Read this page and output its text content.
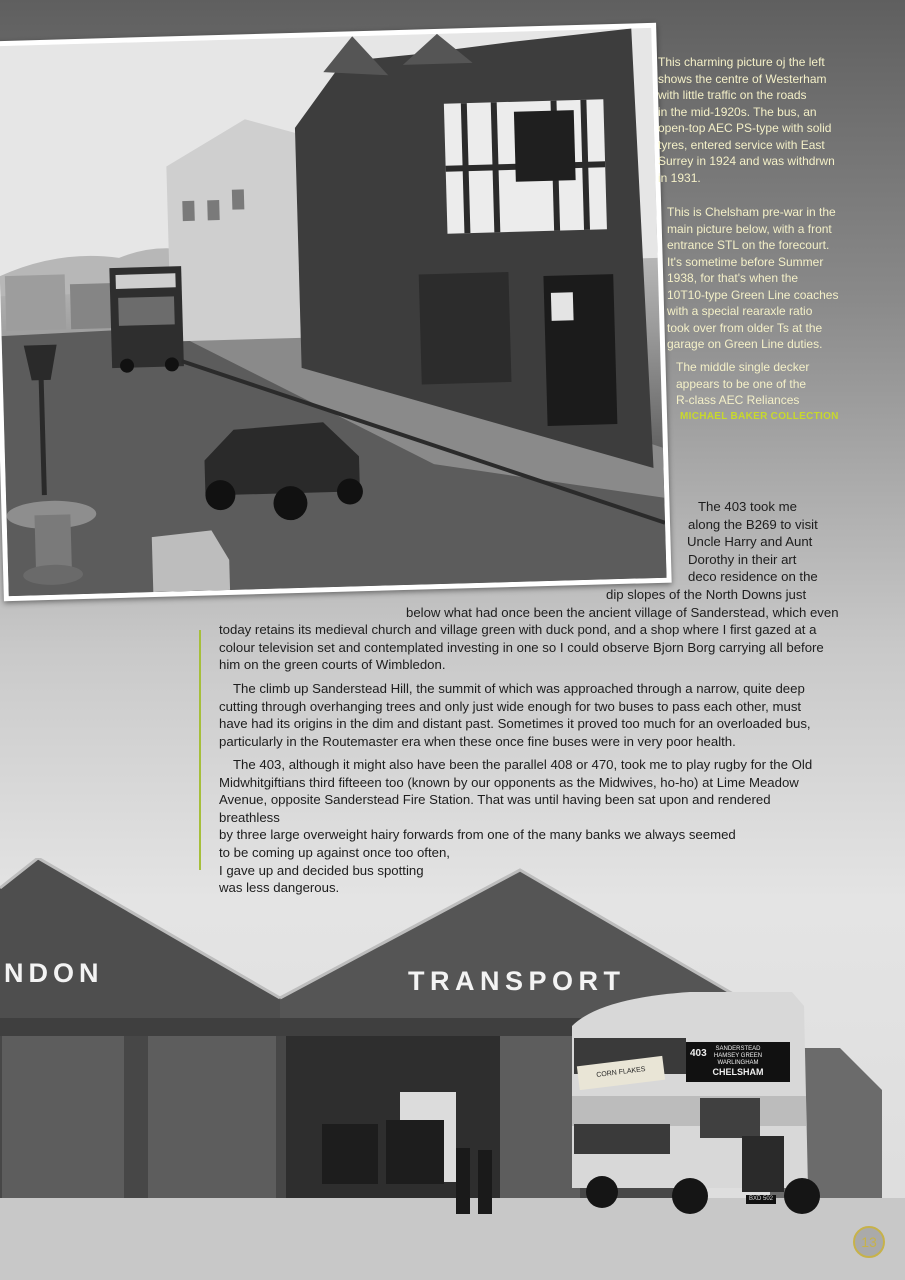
This charming picture oj the left
shows the centre of Westerham
with little traffic on the roads
in the mid-1920s. The bus, an
open-top AEC PS-type with solid
tyres, entered service with East
Surrey in 1924 and was withdrwn
in 1931.
This is Chelsham pre-war in the
main picture below, with a front
entrance STL on the forecourt.
It's sometime before Summer
1938, for that's when the
10T10-type Green Line coaches
with a special rearaxle ratio
took over from older Ts at the
garage on Green Line duties.
The middle single decker
appears to be one of the
R-class AEC Reliances
MICHAEL BAKER COLLECTION
The 403 took me
along the B269 to visit
Uncle Harry and Aunt
Dorothy in their art
deco residence on the
dip slopes of the North Downs just
below what had once been the ancient village of Sanderstead, which even
today retains its medieval church and village green with duck pond, and a shop where I first gazed at a
colour television set and contemplated investing in one so I could observe Bjorn Borg carrying all before
him on the green courts of Wimbledon.
The climb up Sanderstead Hill, the summit of which was approached through a narrow, quite deep
cutting through overhanging trees and only just wide enough for two buses to pass each other, must
have had its origins in the dim and distant past. Sometimes it proved too much for an overloaded bus,
particularly in the Routemaster era when these once fine buses were in very poor health.
The 403, although it might also have been the parallel 408 or 470, took me to play rugby for the Old
Midwhitgiftians third fifteeen too (known by our opponents as the Midwives, ho-ho) at Lime Meadow
Avenue, opposite Sanderstead Fire Station. That was until having been sat upon and rendered breathless
by three large overweight hairy forwards from one of the many banks we always seemed
to be coming up against once too often,
I gave up and decided bus spotting
was less dangerous.
NDON	TRANSPORT
SANDERSTEAD
HAMSEY GREEN
WARLINGHAM
CHELSHAM
403
CORN FLAKES
BXD 502
13
